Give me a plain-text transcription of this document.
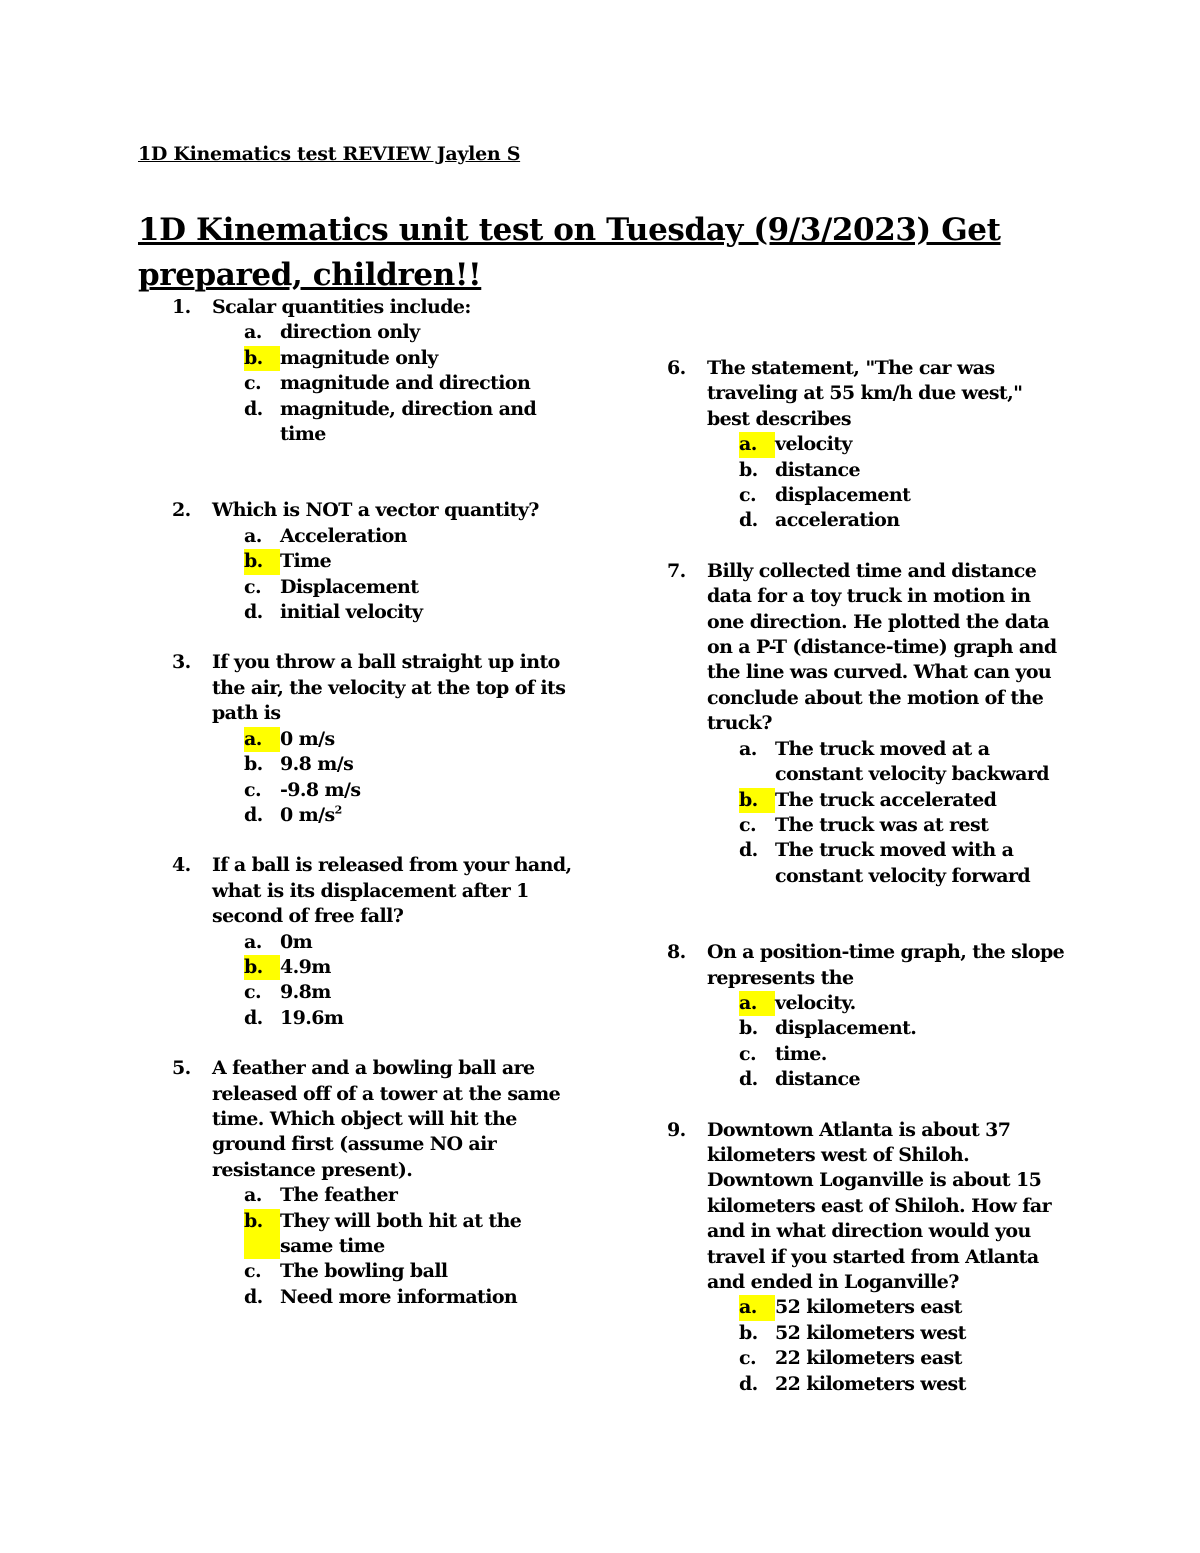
1D Kinematics test REVIEW Jaylen S
1D Kinematics unit test on Tuesday (9/3/2023) Get prepared, children!!
1.	Scalar quantities include:
a. direction only
b. magnitude only
c.	magnitude and direction
d. magnitude, direction and time
2.	Which is NOT a vector quantity?
a. Acceleration
b. Time
c.	Displacement
d. initial velocity
3.	If you throw a ball straight up into the air, the velocity at the top of its path is
a. 0 m/s
b. 9.8 m/s
c.	-9.8 m/s
d. 0 $m/s^2$
4.	If a ball is released from your hand, what is its displacement after 1 second of free fall?
a. 0m
b. 4.9m
c.	9.8m
d. 19.6m
5.	A feather and a bowling ball are released off of a tower at the same time. Which object will hit the ground first (assume NO air resistance present).
a. The feather
b. They will both hit at the same time
c.	The bowling ball
d. Need more information
6.	The statement, "The car was traveling at 55 km/h due west," best describes
a. velocity
b. distance
c.	displacement
d. acceleration
7.	Billy collected time and distance data for a toy truck in motion in one direction. He plotted the data on a P-T (distance-time) graph and the line was curved. What can you conclude about the motion of the truck?
a. The truck moved at a constant velocity backward
b. The truck accelerated
c.	The truck was at rest
d. The truck moved with a constant velocity forward
8.	On a position-time graph, the slope represents the
a. velocity.
b. displacement.
c.	time.
d. distance
9.	Downtown Atlanta is about 37 kilometers west of Shiloh. Downtown Loganville is about 15 kilometers east of Shiloh. How far and in what direction would you travel if you started from Atlanta and ended in Loganville?
a. 52 kilometers east
b. 52 kilometers west
c.	22 kilometers east
d. 22 kilometers west
